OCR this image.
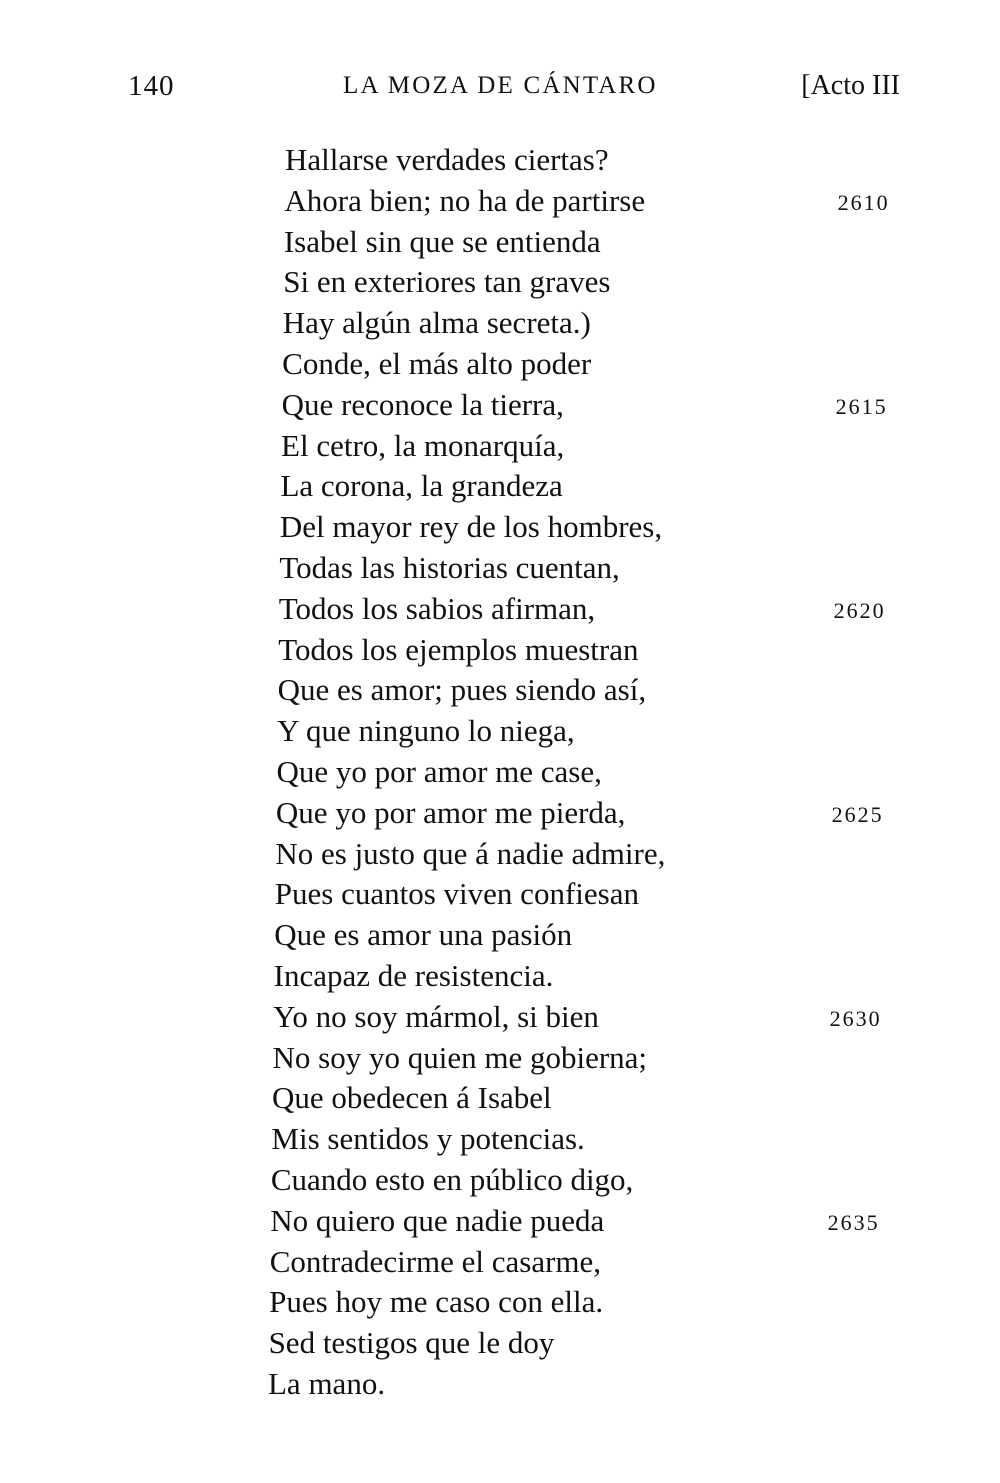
140	LA MOZA DE CÁNTARO	[Acto III
Hallarse verdades ciertas?
Ahora bien; no ha de partirse	2610
Isabel sin que se entienda
Si en exteriores tan graves
Hay algún alma secreta.)
Conde, el más alto poder
Que reconoce la tierra,	2615
El cetro, la monarquía,
La corona, la grandeza
Del mayor rey de los hombres,
Todas las historias cuentan,
Todos los sabios afirman,	2620
Todos los ejemplos muestran
Que es amor; pues siendo así,
Y que ninguno lo niega,
Que yo por amor me case,
Que yo por amor me pierda,	2625
No es justo que á nadie admire,
Pues cuantos viven confiesan
Que es amor una pasión
Incapaz de resistencia.
Yo no soy mármol, si bien	2630
No soy yo quien me gobierna;
Que obedecen á Isabel
Mis sentidos y potencias.
Cuando esto en público digo,
No quiero que nadie pueda	2635
Contradecirme el casarme,
Pues hoy me caso con ella.
Sed testigos que le doy
La mano.
